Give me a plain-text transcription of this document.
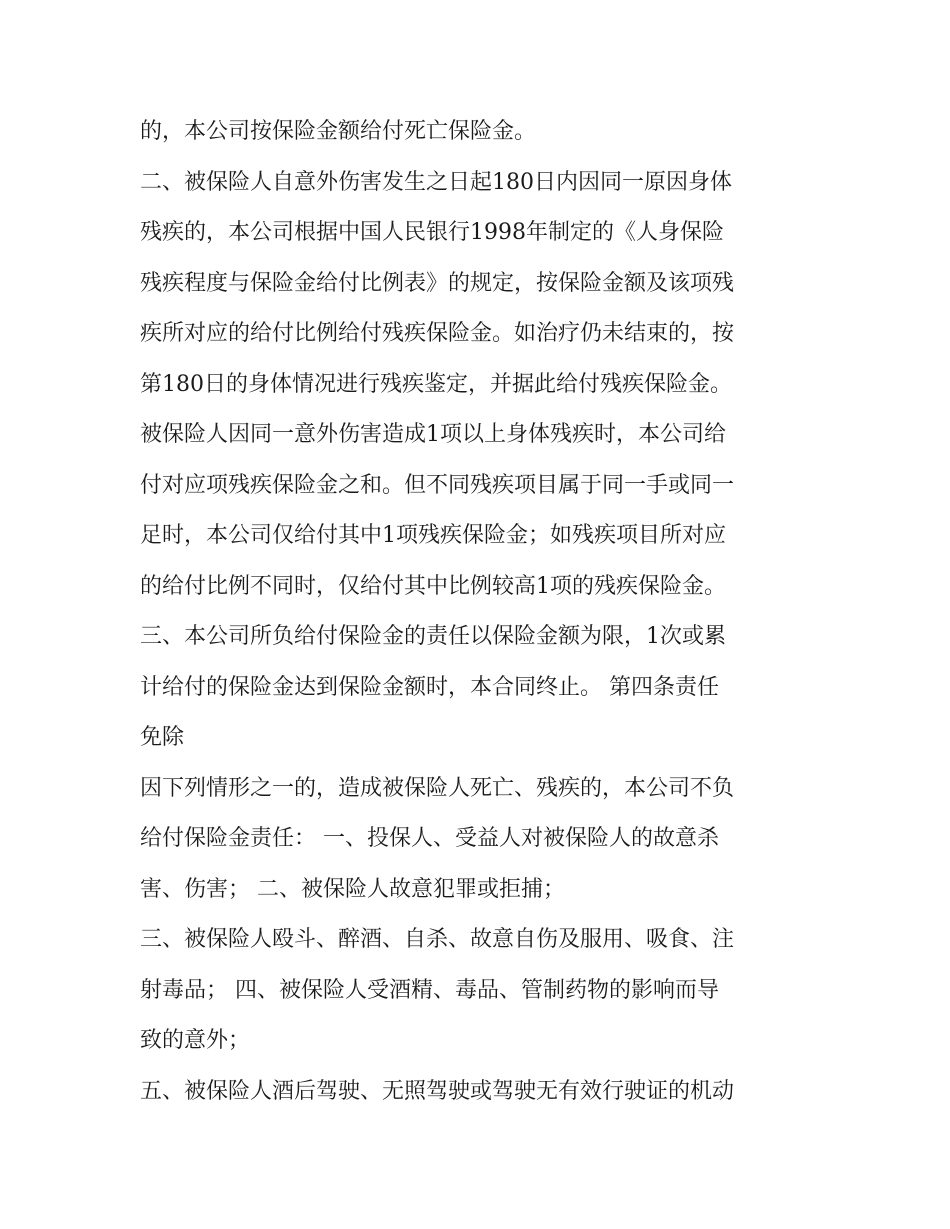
的，本公司按保险金额给付死亡保险金。
二、被保险人自意外伤害发生之日起180日内因同一原因身体
残疾的，本公司根据中国人民银行1998年制定的《人身保险
残疾程度与保险金给付比例表》的规定，按保险金额及该项残
疾所对应的给付比例给付残疾保险金。如治疗仍未结束的，按
第180日的身体情况进行残疾鉴定，并据此给付残疾保险金。
被保险人因同一意外伤害造成1项以上身体残疾时，本公司给
付对应项残疾保险金之和。但不同残疾项目属于同一手或同一
足时，本公司仅给付其中1项残疾保险金；如残疾项目所对应
的给付比例不同时，仅给付其中比例较高1项的残疾保险金。
三、本公司所负给付保险金的责任以保险金额为限，1次或累
计给付的保险金达到保险金额时，本合同终止。 第四条责任
免除
因下列情形之一的，造成被保险人死亡、残疾的，本公司不负
给付保险金责任： 一、投保人、受益人对被保险人的故意杀
害、伤害； 二、被保险人故意犯罪或拒捕；
三、被保险人殴斗、醉酒、自杀、故意自伤及服用、吸食、注
射毒品； 四、被保险人受酒精、毒品、管制药物的影响而导
致的意外；
五、被保险人酒后驾驶、无照驾驶或驾驶无有效行驶证的机动
